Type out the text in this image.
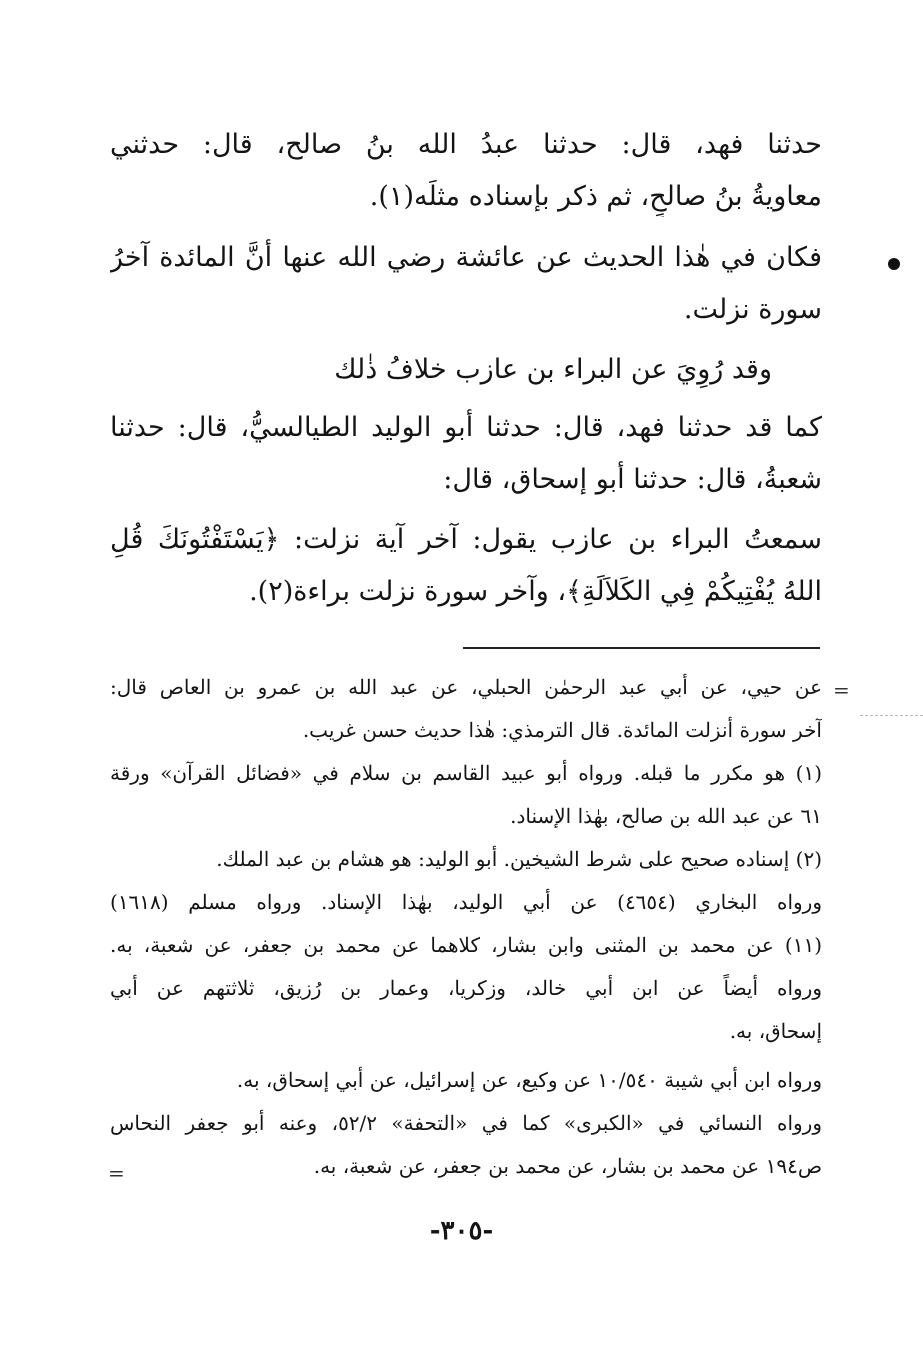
حدثنا فهد، قال: حدثنا عبدُ الله بنُ صالح، قال: حدثني
معاويةُ بنُ صالحٍ، ثم ذكر بإسناده مثلَه(١).
فكان في هٰذا الحديث عن عائشة رضي الله عنها أنَّ المائدة آخرُ
سورة نزلت.
وقد رُوِيَ عن البراء بن عازب خلافُ ذٰلك
كما قد حدثنا فهد، قال: حدثنا أبو الوليد الطيالسيُّ، قال: حدثنا
شعبةُ، قال: حدثنا أبو إسحاق، قال:
سمعتُ البراء بن عازب يقول: آخر آية نزلت: ﴿يَسْتَفْتُونَكَ قُلِ
اللهُ يُفْتِيكُمْ فِي الكَلاَلَةِ﴾، وآخر سورة نزلت براءة(٢).
عن حيي، عن أبي عبد الرحمٰن الحبلي، عن عبد الله بن عمرو بن العاص قال:
آخر سورة أنزلت المائدة. قال الترمذي: هٰذا حديث حسن غريب.
(١) هو مكرر ما قبله. ورواه أبو عبيد القاسم بن سلام في «فضائل القرآن» ورقة
٦١ عن عبد الله بن صالح، بهٰذا الإسناد.
(٢) إسناده صحيح على شرط الشيخين. أبو الوليد: هو هشام بن عبد الملك.
ورواه البخاري (٤٦٥٤) عن أبي الوليد، بهٰذا الإسناد. ورواه مسلم (١٦١٨)
(١١) عن محمد بن المثنى وابن بشار، كلاهما عن محمد بن جعفر، عن شعبة، به.
ورواه أيضاً عن ابن أبي خالد، وزكريا، وعمار بن رُزيق، ثلاثتهم عن أبي
إسحاق، به.
ورواه ابن أبي شيبة ١٠/٥٤٠ عن وكيع، عن إسرائيل، عن أبي إسحاق، به.
ورواه النسائي في «الكبرى» كما في «التحفة» ٥٢/٢، وعنه أبو جعفر النحاس
ص١٩٤ عن محمد بن بشار، عن محمد بن جعفر، عن شعبة، به.
=
=
-٣٠٥-
